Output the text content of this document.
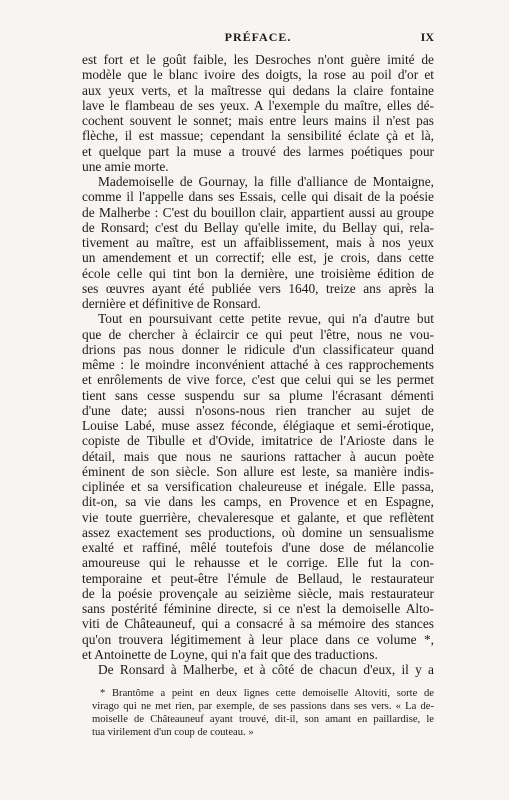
PRÉFACE.	IX
est fort et le goût faible, les Desroches n'ont guère imité de
modèle que le blanc ivoire des doigts, la rose au poil d'or et
aux yeux verts, et la maîtresse qui dedans la claire fontaine
lave le flambeau de ses yeux. A l'exemple du maître, elles dé-
cochent souvent le sonnet; mais entre leurs mains il n'est pas
flèche, il est massue; cependant la sensibilité éclate çà et là,
et quelque part la muse a trouvé des larmes poétiques pour
une amie morte.
Mademoiselle de Gournay, la fille d'alliance de Montaigne,
comme il l'appelle dans ses Essais, celle qui disait de la poésie
de Malherbe : C'est du bouillon clair, appartient aussi au groupe
de Ronsard; c'est du Bellay qu'elle imite, du Bellay qui, rela-
tivement au maître, est un affaiblissement, mais à nos yeux
un amendement et un correctif; elle est, je crois, dans cette
école celle qui tint bon la dernière, une troisième édition de
ses œuvres ayant été publiée vers 1640, treize ans après la
dernière et définitive de Ronsard.
Tout en poursuivant cette petite revue, qui n'a d'autre but
que de chercher à éclaircir ce qui peut l'être, nous ne vou-
drions pas nous donner le ridicule d'un classificateur quand
même : le moindre inconvénient attaché à ces rapprochements
et enrôlements de vive force, c'est que celui qui se les permet
tient sans cesse suspendu sur sa plume l'écrasant démenti
d'une date; aussi n'osons-nous rien trancher au sujet de
Louise Labé, muse assez féconde, élégiaque et semi-érotique,
copiste de Tibulle et d'Ovide, imitatrice de l'Arioste dans le
détail, mais que nous ne saurions rattacher à aucun poète
éminent de son siècle. Son allure est leste, sa manière indis-
ciplinée et sa versification chaleureuse et inégale. Elle passa,
dit-on, sa vie dans les camps, en Provence et en Espagne,
vie toute guerrière, chevaleresque et galante, et que reflètent
assez exactement ses productions, où domine un sensualisme
exalté et raffiné, mêlé toutefois d'une dose de mélancolie
amoureuse qui le rehausse et le corrige. Elle fut la con-
temporaine et peut-être l'émule de Bellaud, le restaurateur
de la poésie provençale au seizième siècle, mais restaurateur
sans postérité féminine directe, si ce n'est la demoiselle Alto-
viti de Châteauneuf, qui a consacré à sa mémoire des stances
qu'on trouvera légitimement à leur place dans ce volume *,
et Antoinette de Loyne, qui n'a fait que des traductions.
De Ronsard à Malherbe, et à côté de chacun d'eux, il y a
* Brantôme a peint en deux lignes cette demoiselle Altoviti, sorte de
virago qui ne met rien, par exemple, de ses passions dans ses vers. « La de-
moiselle de Châteauneuf ayant trouvé, dit-il, son amant en paillardise, le
tua virilement d'un coup de couteau. »
